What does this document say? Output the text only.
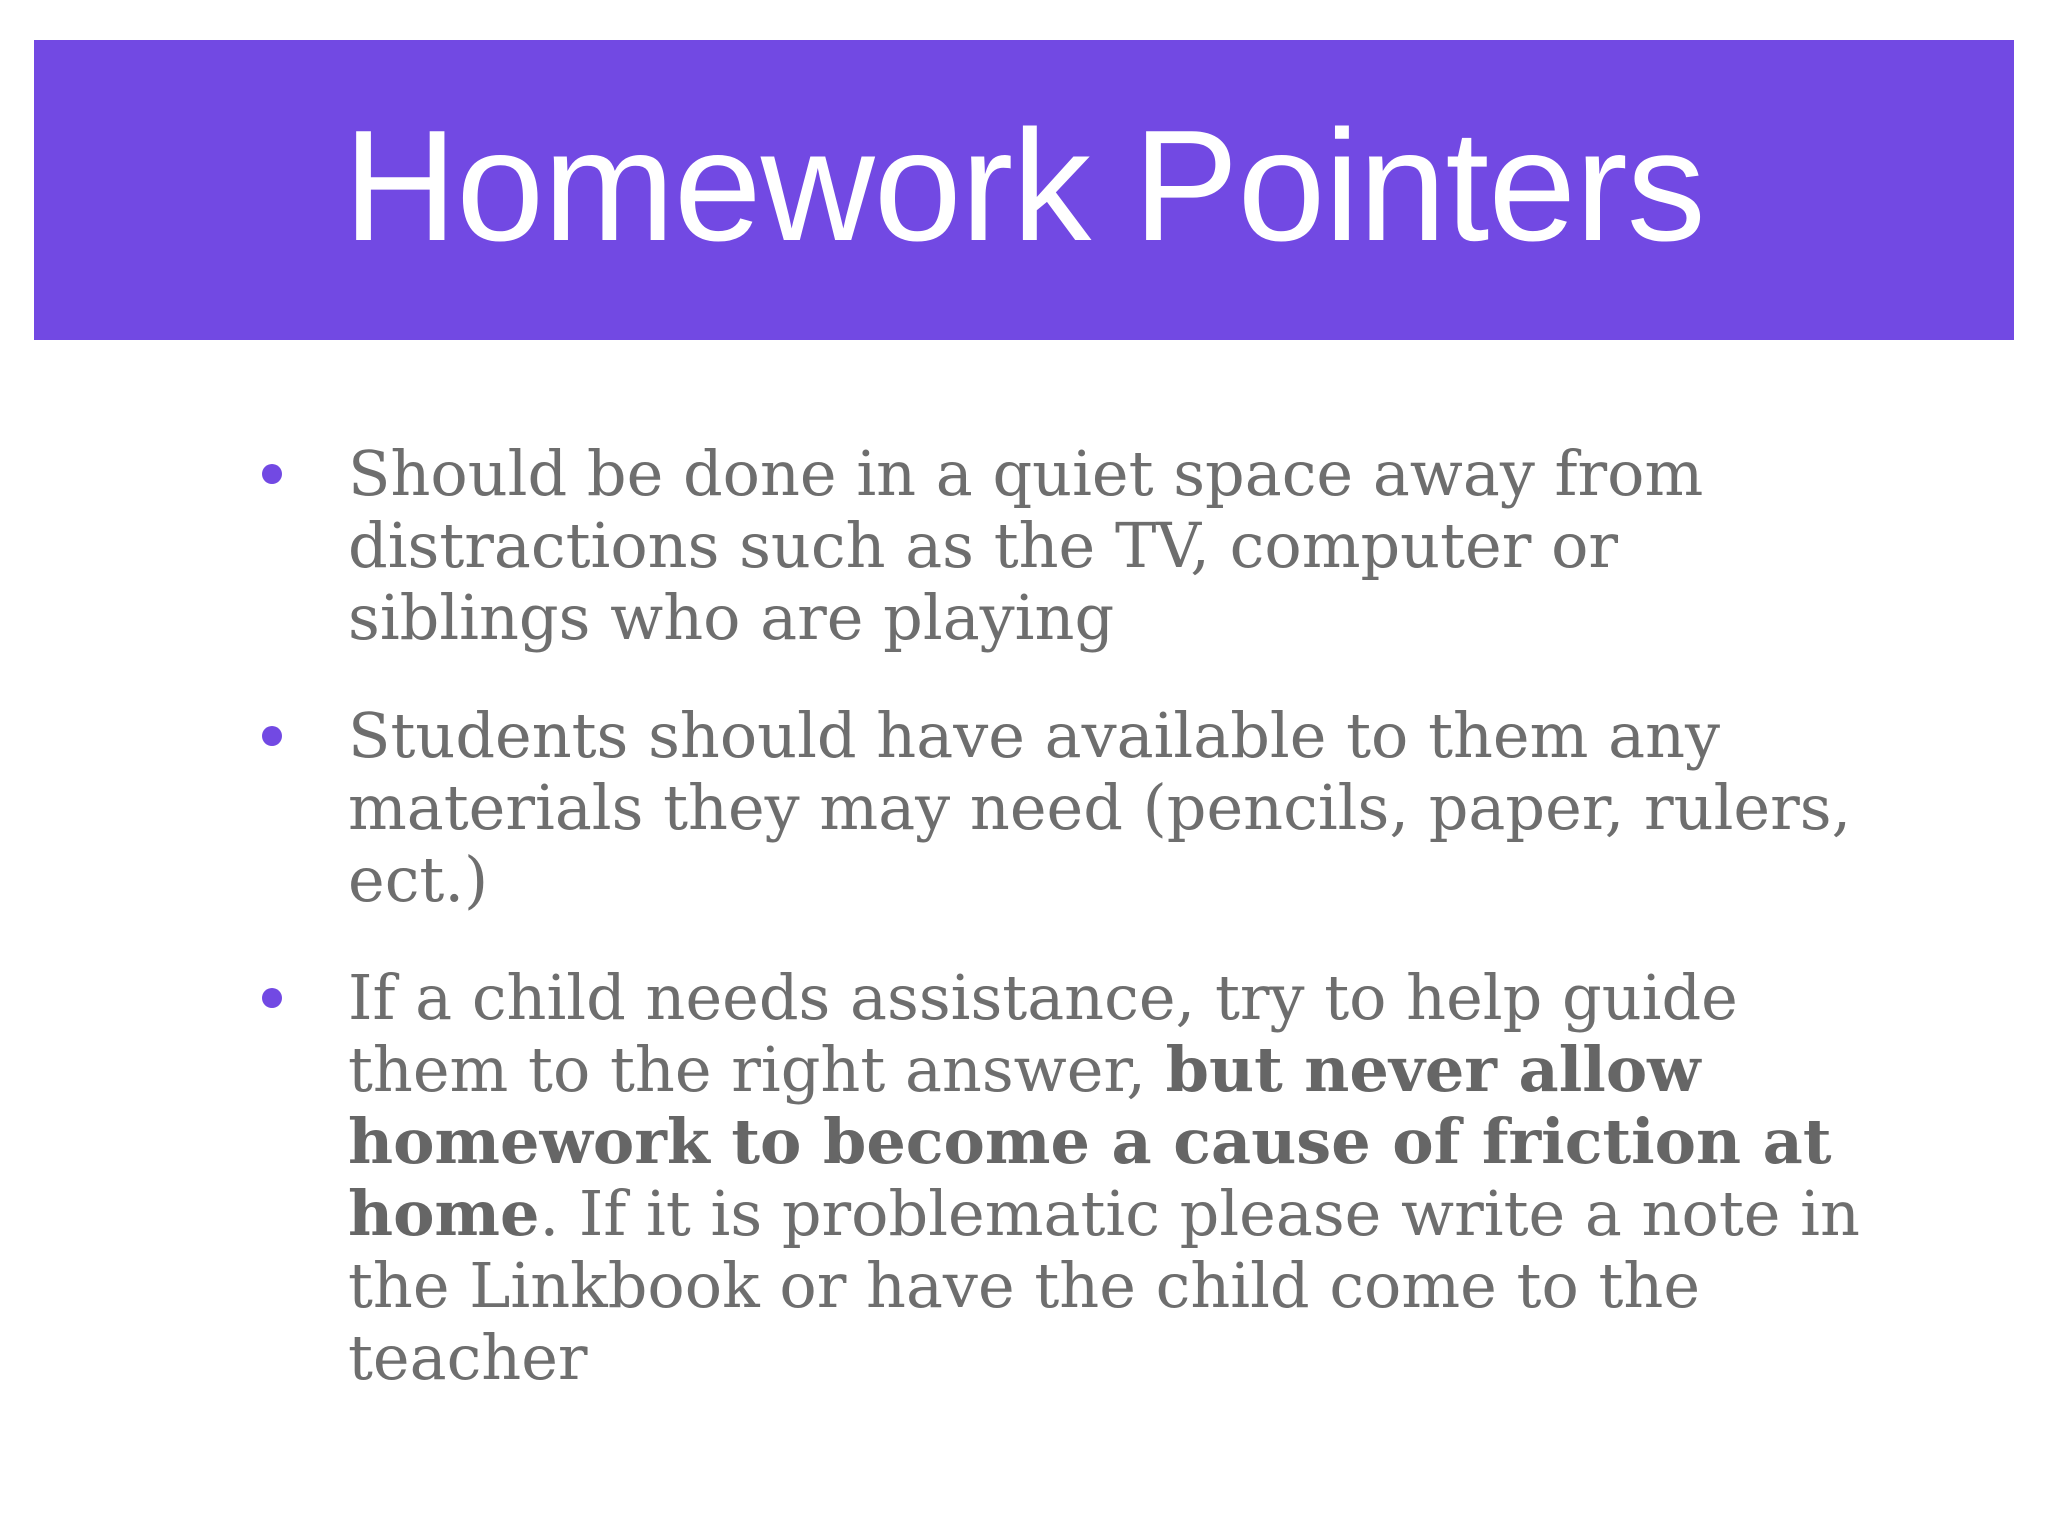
Homework Pointers
Should be done in a quiet space away from distractions such as the TV, computer or siblings who are playing
Students should have available to them any materials they may need (pencils, paper, rulers, ect.)
If a child needs assistance, try to help guide them to the right answer, but never allow homework to become a cause of friction at home. If it is problematic please write a note in the Linkbook or have the child come to the teacher
